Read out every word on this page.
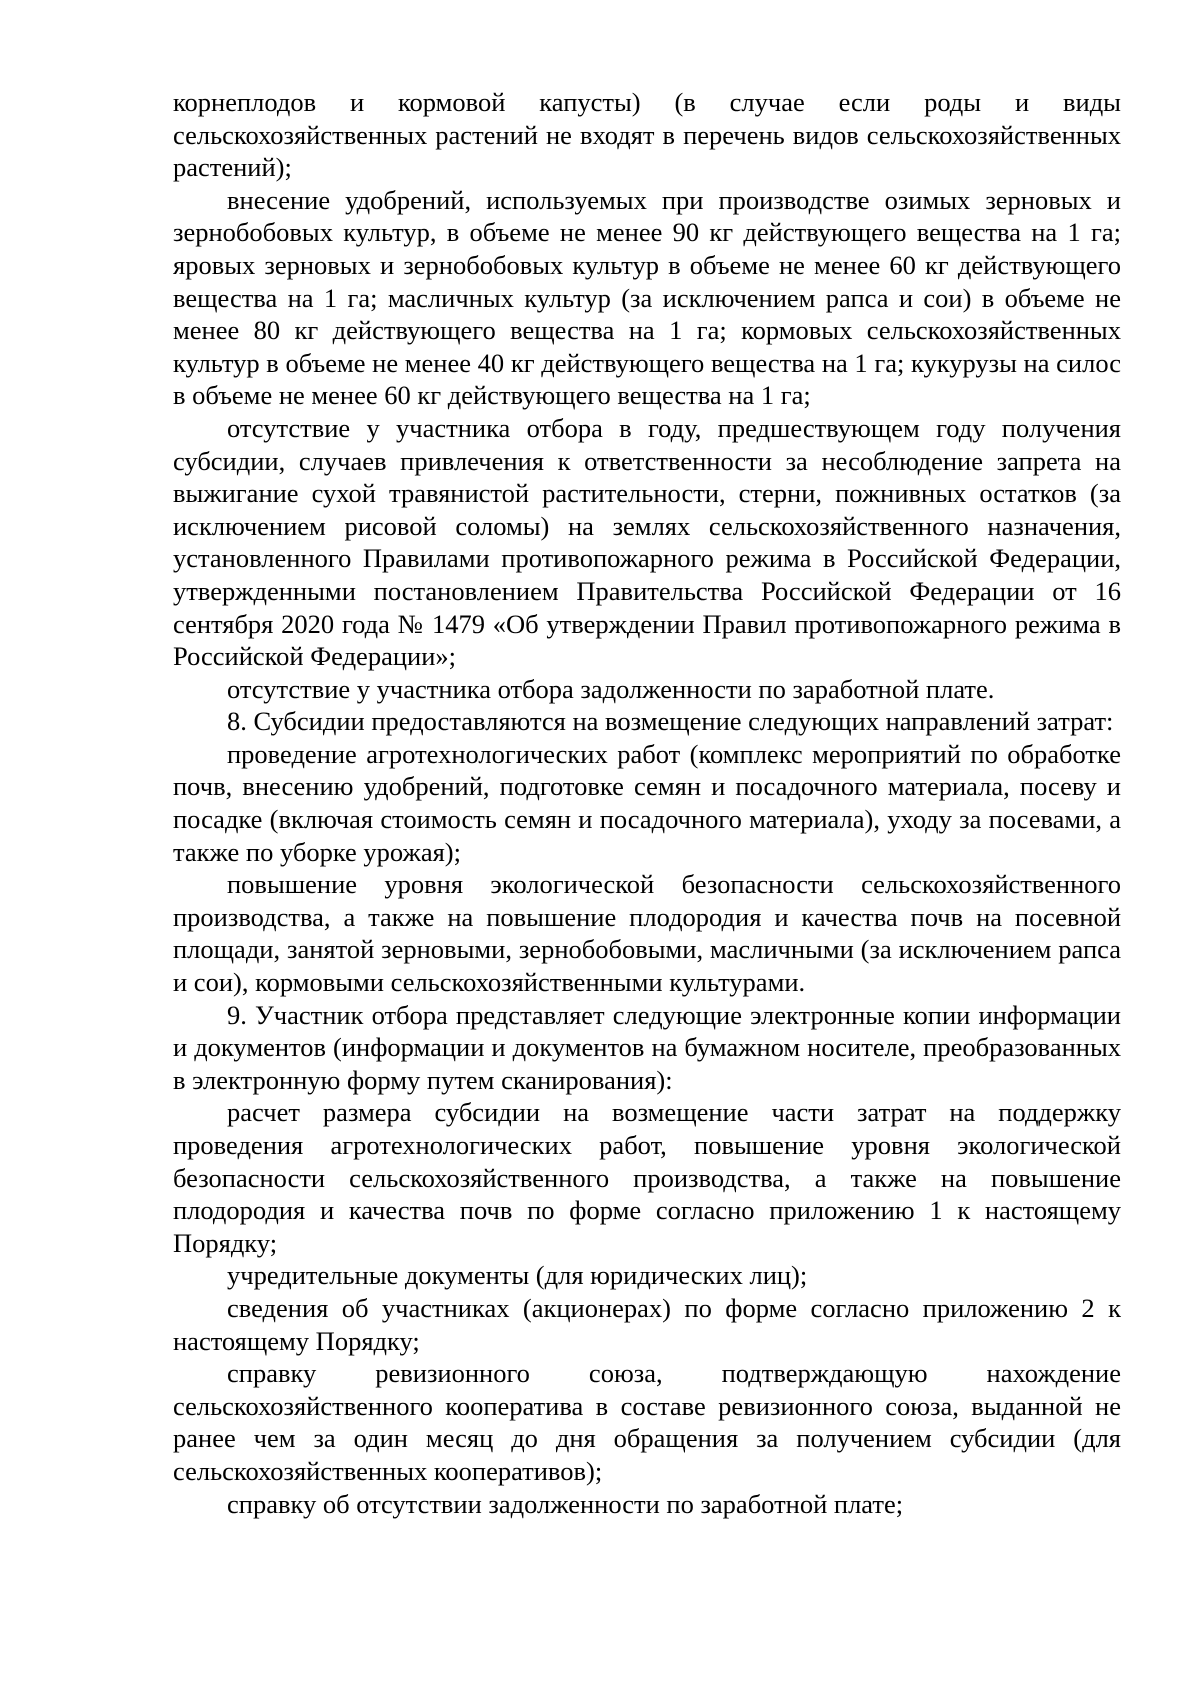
корнеплодов и кормовой капусты) (в случае если роды и виды сельскохозяйственных растений не входят в перечень видов сельскохозяйственных растений);

внесение удобрений, используемых при производстве озимых зерновых и зернобобовых культур, в объеме не менее 90 кг действующего вещества на 1 га; яровых зерновых и зернобобовых культур в объеме не менее 60 кг действующего вещества на 1 га; масличных культур (за исключением рапса и сои) в объеме не менее 80 кг действующего вещества на 1 га; кормовых сельскохозяйственных культур в объеме не менее 40 кг действующего вещества на 1 га; кукурузы на силос в объеме не менее 60 кг действующего вещества на 1 га;

отсутствие у участника отбора в году, предшествующем году получения субсидии, случаев привлечения к ответственности за несоблюдение запрета на выжигание сухой травянистой растительности, стерни, пожнивных остатков (за исключением рисовой соломы) на землях сельскохозяйственного назначения, установленного Правилами противопожарного режима в Российской Федерации, утвержденными постановлением Правительства Российской Федерации от 16 сентября 2020 года № 1479 «Об утверждении Правил противопожарного режима в Российской Федерации»;

отсутствие у участника отбора задолженности по заработной плате.

8. Субсидии предоставляются на возмещение следующих направлений затрат:

проведение агротехнологических работ (комплекс мероприятий по обработке почв, внесению удобрений, подготовке семян и посадочного материала, посеву и посадке (включая стоимость семян и посадочного материала), уходу за посевами, а также по уборке урожая);

повышение уровня экологической безопасности сельскохозяйственного производства, а также на повышение плодородия и качества почв на посевной площади, занятой зерновыми, зернобобовыми, масличными (за исключением рапса и сои), кормовыми сельскохозяйственными культурами.

9. Участник отбора представляет следующие электронные копии информации и документов (информации и документов на бумажном носителе, преобразованных в электронную форму путем сканирования):

расчет размера субсидии на возмещение части затрат на поддержку проведения агротехнологических работ, повышение уровня экологической безопасности сельскохозяйственного производства, а также на повышение плодородия и качества почв по форме согласно приложению 1 к настоящему Порядку;

учредительные документы (для юридических лиц);

сведения об участниках (акционерах) по форме согласно приложению 2 к настоящему Порядку;

справку ревизионного союза, подтверждающую нахождение сельскохозяйственного кооператива в составе ревизионного союза, выданной не ранее чем за один месяц до дня обращения за получением субсидии (для сельскохозяйственных кооперативов);

справку об отсутствии задолженности по заработной плате;
